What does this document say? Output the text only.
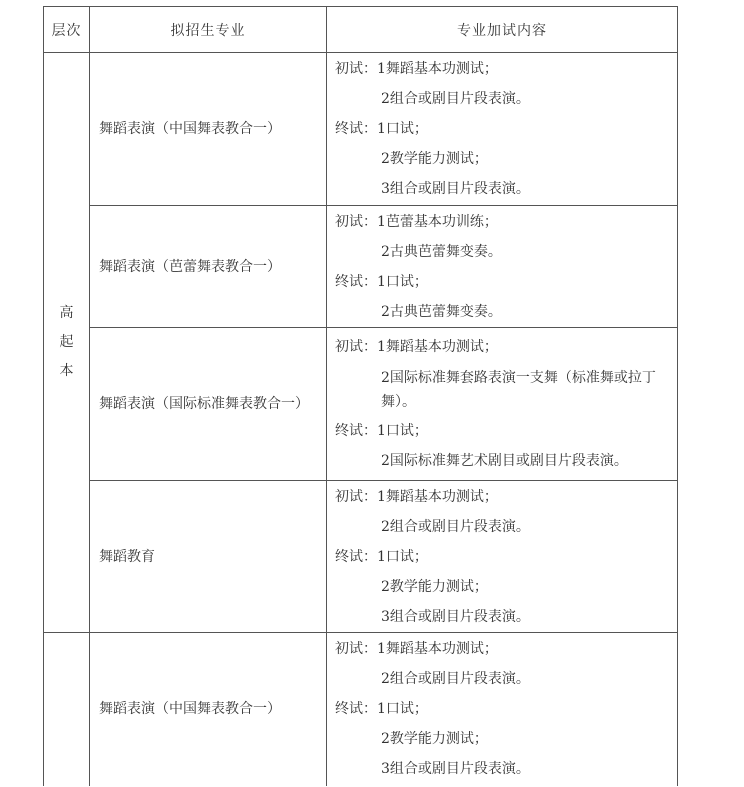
层次	拟招生专业	专业加试内容
高起本	舞蹈表演（中国舞表教合一）	初试：1舞蹈基本功测试；
2组合或剧目片段表演。
终试：1口试；
2教学能力测试；
3组合或剧目片段表演。

	舞蹈表演（芭蕾舞表教合一）	初试：1芭蕾基本功训练；
2古典芭蕾舞变奏。
终试：1口试；
2古典芭蕾舞变奏。

	舞蹈表演（国际标准舞表教合一）	初试：1舞蹈基本功测试；
2国际标准舞套路表演一支舞（标准舞或拉丁舞）。
终试：1口试；
2国际标准舞艺术剧目或剧目片段表演。

	舞蹈教育	初试：1舞蹈基本功测试；
2组合或剧目片段表演。
终试：1口试；
2教学能力测试；
3组合或剧目片段表演。

	舞蹈表演（中国舞表教合一）	初试：1舞蹈基本功测试；
2组合或剧目片段表演。
终试：1口试；
2教学能力测试；
3组合或剧目片段表演。
